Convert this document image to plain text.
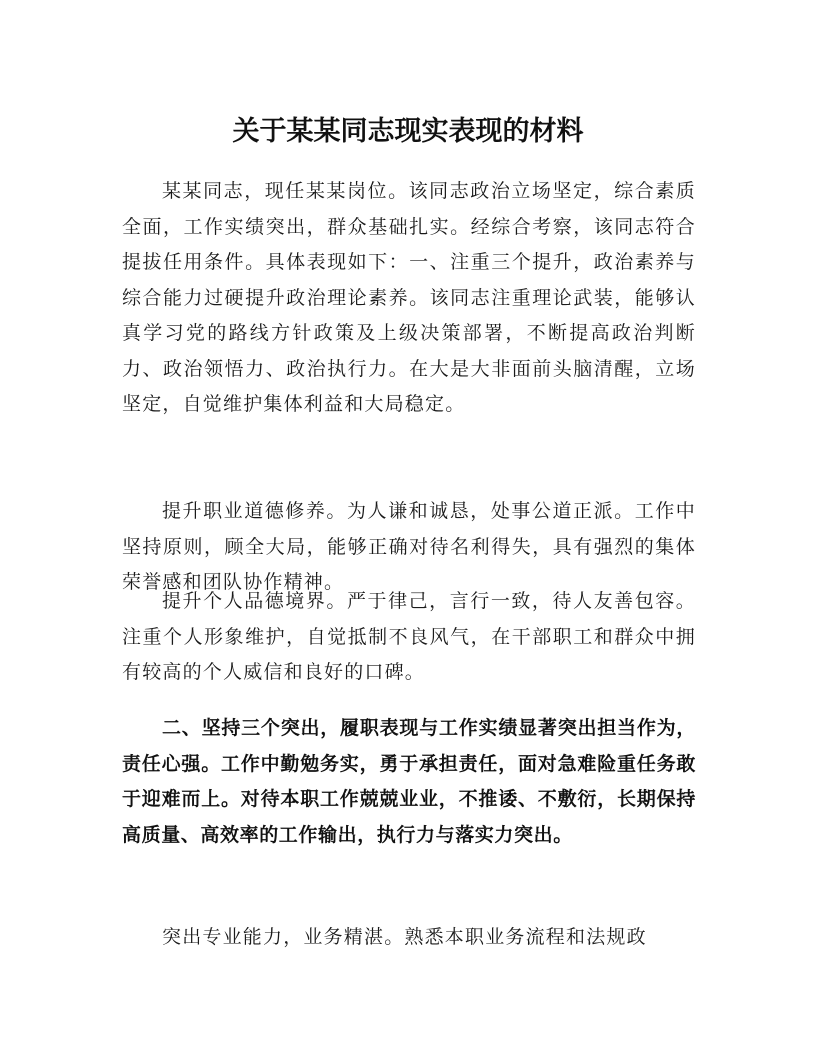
关于某某同志现实表现的材料

某某同志，现任某某岗位。该同志政治立场坚定，综合素质全面，工作实绩突出，群众基础扎实。经综合考察，该同志符合提拔任用条件。具体表现如下：一、注重三个提升，政治素养与综合能力过硬提升政治理论素养。该同志注重理论武装，能够认真学习党的路线方针政策及上级决策部署，不断提高政治判断力、政治领悟力、政治执行力。在大是大非面前头脑清醒，立场坚定，自觉维护集体利益和大局稳定。

提升职业道德修养。为人谦和诚恳，处事公道正派。工作中坚持原则，顾全大局，能够正确对待名利得失，具有强烈的集体荣誉感和团队协作精神。

提升个人品德境界。严于律己，言行一致，待人友善包容。注重个人形象维护，自觉抵制不良风气，在干部职工和群众中拥有较高的个人威信和良好的口碑。

二、坚持三个突出，履职表现与工作实绩显著突出担当作为，责任心强。工作中勤勉务实，勇于承担责任，面对急难险重任务敢于迎难而上。对待本职工作兢兢业业，不推诿、不敷衍，长期保持高质量、高效率的工作输出，执行力与落实力突出。

突出专业能力，业务精湛。熟悉本职业务流程和法规政
